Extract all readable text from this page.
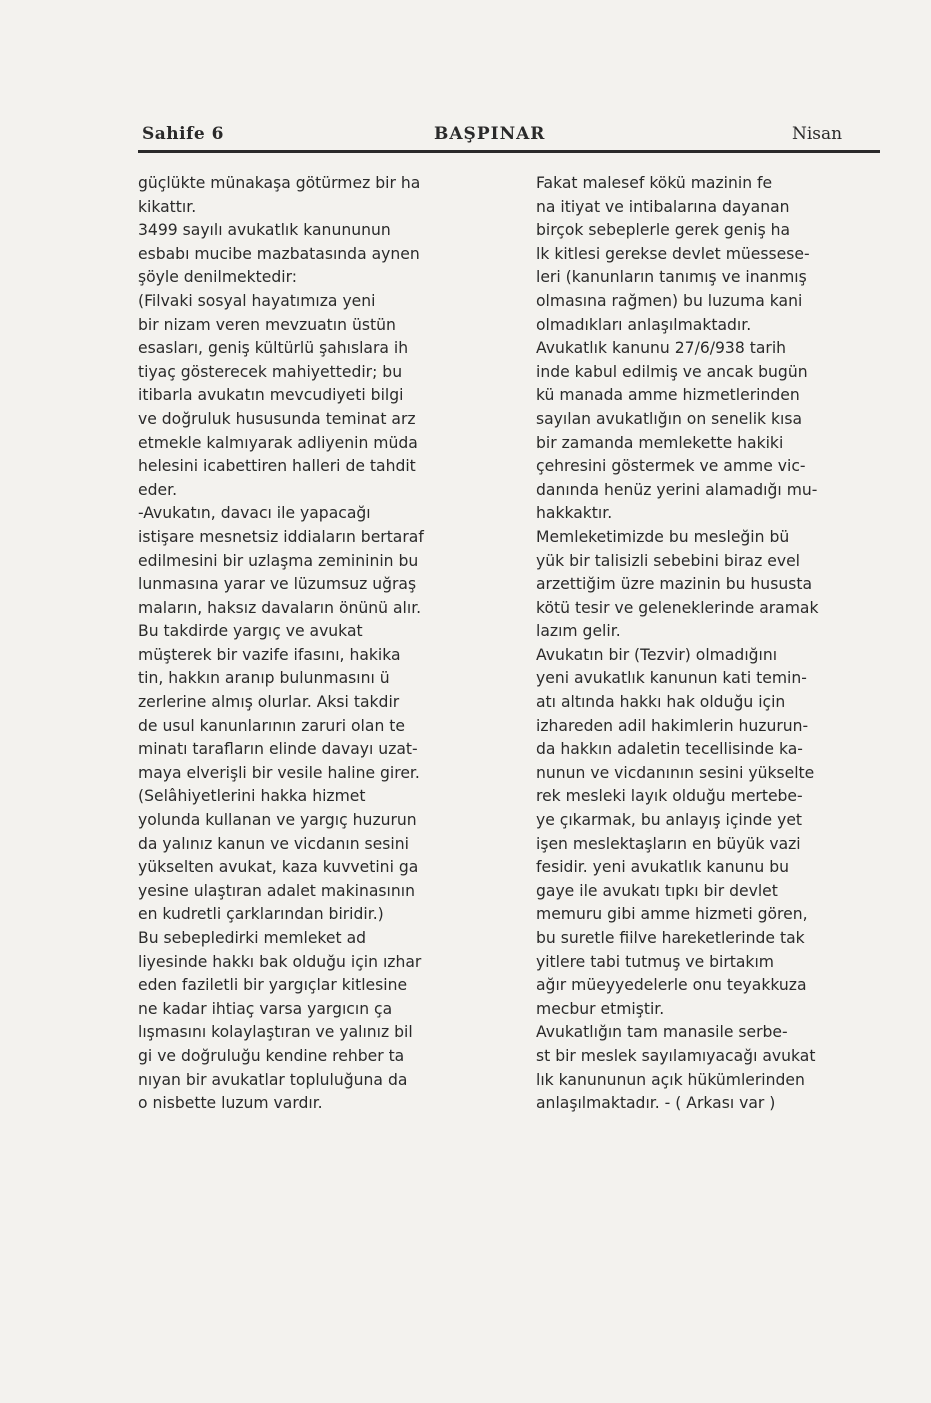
Sahife 6	BAŞPINAR	Nisan

güçlükte münakaşa götürmez bir ha
kikattır.

3499 sayılı avukatlık kanununun
esbabı mucibe mazbatasında aynen
şöyle denilmektedir:

(Filvaki sosyal hayatımıza yeni
bir nizam veren mevzuatın üstün
esasları, geniş kültürlü şahıslara ih
tiyaç gösterecek mahiyettedir; bu
itibarla avukatın mevcudiyeti bilgi
ve doğruluk hususunda teminat arz
etmekle kalmıyarak adliyenin müda
helesini icabettiren halleri de tahdit
eder.

-Avukatın, davacı ile yapacağı
istişare mesnetsiz iddiaların bertaraf
edilmesini bir uzlaşma zemininin bu
lunmasına yarar ve lüzumsuz uğraş
maların, haksız davaların önünü alır.

Bu takdirde yargıç ve avukat
müşterek bir vazife ifasını, hakika
tin, hakkın aranıp bulunmasını ü
zerlerine almış olurlar. Aksi takdir
de usul kanunlarının zaruri olan te
minatı tarafların elinde davayı uzat-
maya elverişli bir vesile haline girer.

(Selâhiyetlerini hakka hizmet
yolunda kullanan ve yargıç huzurun
da yalınız kanun ve vicdanın sesini
yükselten avukat, kaza kuvvetini ga
yesine ulaştıran adalet makinasının
en kudretli çarklarından biridir.)

Bu sebepledirki memleket ad
liyesinde hakkı bak olduğu için ızhar
eden faziletli bir yargıçlar kitlesine
ne kadar ihtiaç varsa yargıcın ça
lışmasını kolaylaştıran ve yalınız bil
gi ve doğruluğu kendine rehber ta
nıyan bir avukatlar topluluğuna da
o nisbette luzum vardır.

Fakat malesef kökü mazinin fe
na itiyat ve intibalarına dayanan
birçok sebeplerle gerek geniş ha
lk kitlesi gerekse devlet müessese-
leri (kanunların tanımış ve inanmış
olmasına rağmen) bu luzuma kani
olmadıkları anlaşılmaktadır.

Avukatlık kanunu 27/6/938 tarih
inde kabul edilmiş ve ancak bugün
kü manada amme hizmetlerinden
sayılan avukatlığın on senelik kısa
bir zamanda memlekette hakiki
çehresini göstermek ve amme vic-
danında henüz yerini alamadığı mu-
hakkaktır.

Memleketimizde bu mesleğin bü
yük bir talisizli sebebini biraz evel
arzettiğim üzre mazinin bu hususta
kötü tesir ve geleneklerinde aramak
lazım gelir.

Avukatın bir (Tezvir) olmadığını
yeni avukatlık kanunun kati temin-
atı altında hakkı hak olduğu için
izhareden adil hakimlerin huzurun-
da hakkın adaletin tecellisinde ka-
nunun ve vicdanının sesini yükselte
rek mesleki layık olduğu mertebe-
ye çıkarmak, bu anlayış içinde yet
işen meslektaşların en büyük vazi
fesidir. yeni avukatlık kanunu bu
gaye ile avukatı tıpkı bir devlet
memuru gibi amme hizmeti gören,
bu suretle fiilve hareketlerinde tak
yitlere tabi tutmuş ve birtakım
ağır müeyyedelerle onu teyakkuza
mecbur etmiştir.

Avukatlığın tam manasile serbe-
st bir meslek sayılamıyacağı avukat
lık kanununun açık hükümlerinden
anlaşılmaktadır. - ( Arkası var )
